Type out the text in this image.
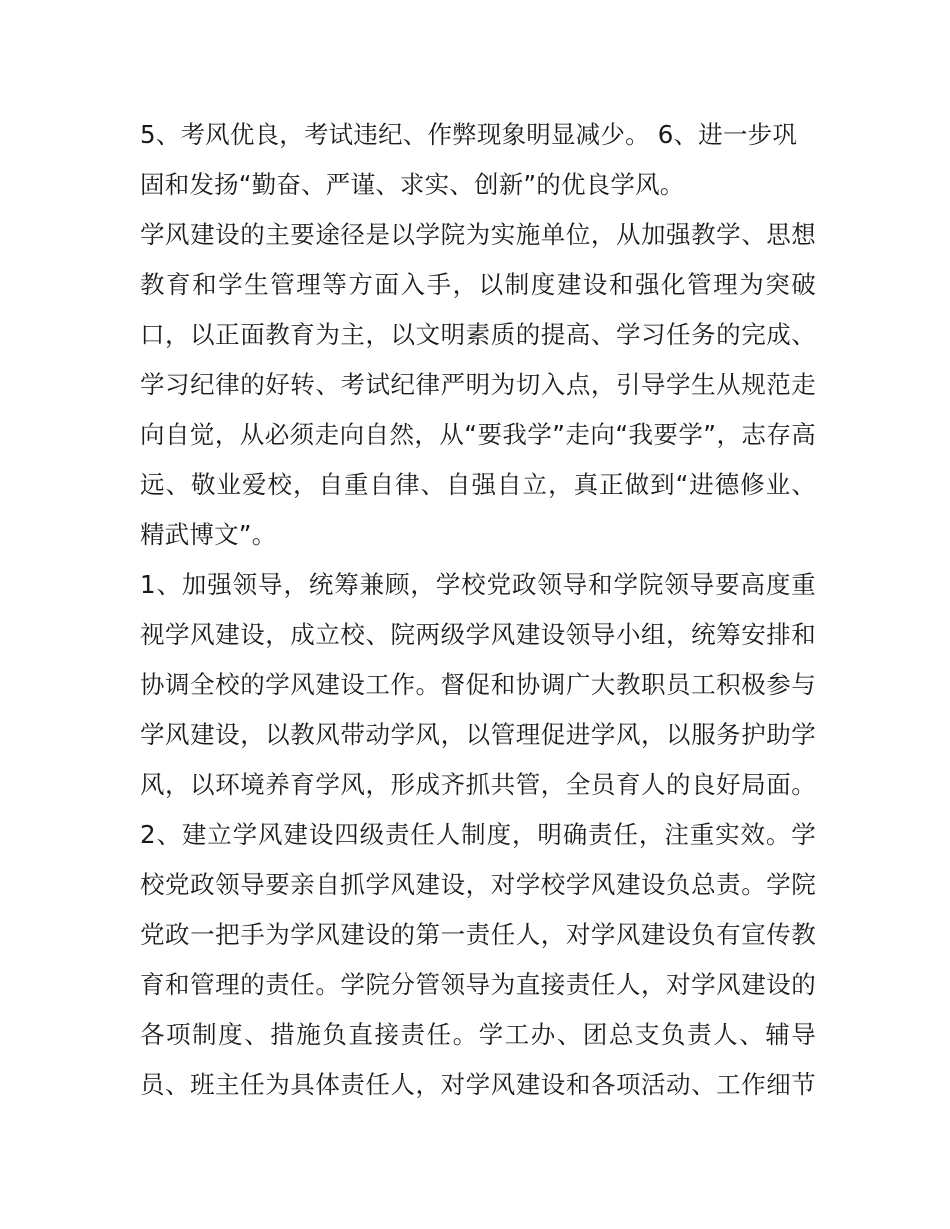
5、考风优良，考试违纪、作弊现象明显减少。 6、进一步巩
固和发扬“勤奋、严谨、求实、创新”的优良学风。
学风建设的主要途径是以学院为实施单位，从加强教学、思想
教育和学生管理等方面入手，以制度建设和强化管理为突破
口，以正面教育为主，以文明素质的提高、学习任务的完成、
学习纪律的好转、考试纪律严明为切入点，引导学生从规范走
向自觉，从必须走向自然，从“要我学”走向“我要学”，志存高
远、敬业爱校，自重自律、自强自立，真正做到“进德修业、
精武博文”。
1、加强领导，统筹兼顾，学校党政领导和学院领导要高度重
视学风建设，成立校、院两级学风建设领导小组，统筹安排和
协调全校的学风建设工作。督促和协调广大教职员工积极参与
学风建设，以教风带动学风，以管理促进学风，以服务护助学
风，以环境养育学风，形成齐抓共管，全员育人的良好局面。
2、建立学风建设四级责任人制度，明确责任，注重实效。学
校党政领导要亲自抓学风建设，对学校学风建设负总责。学院
党政一把手为学风建设的第一责任人，对学风建设负有宣传教
育和管理的责任。学院分管领导为直接责任人，对学风建设的
各项制度、措施负直接责任。学工办、团总支负责人、辅导
员、班主任为具体责任人，对学风建设和各项活动、工作细节
